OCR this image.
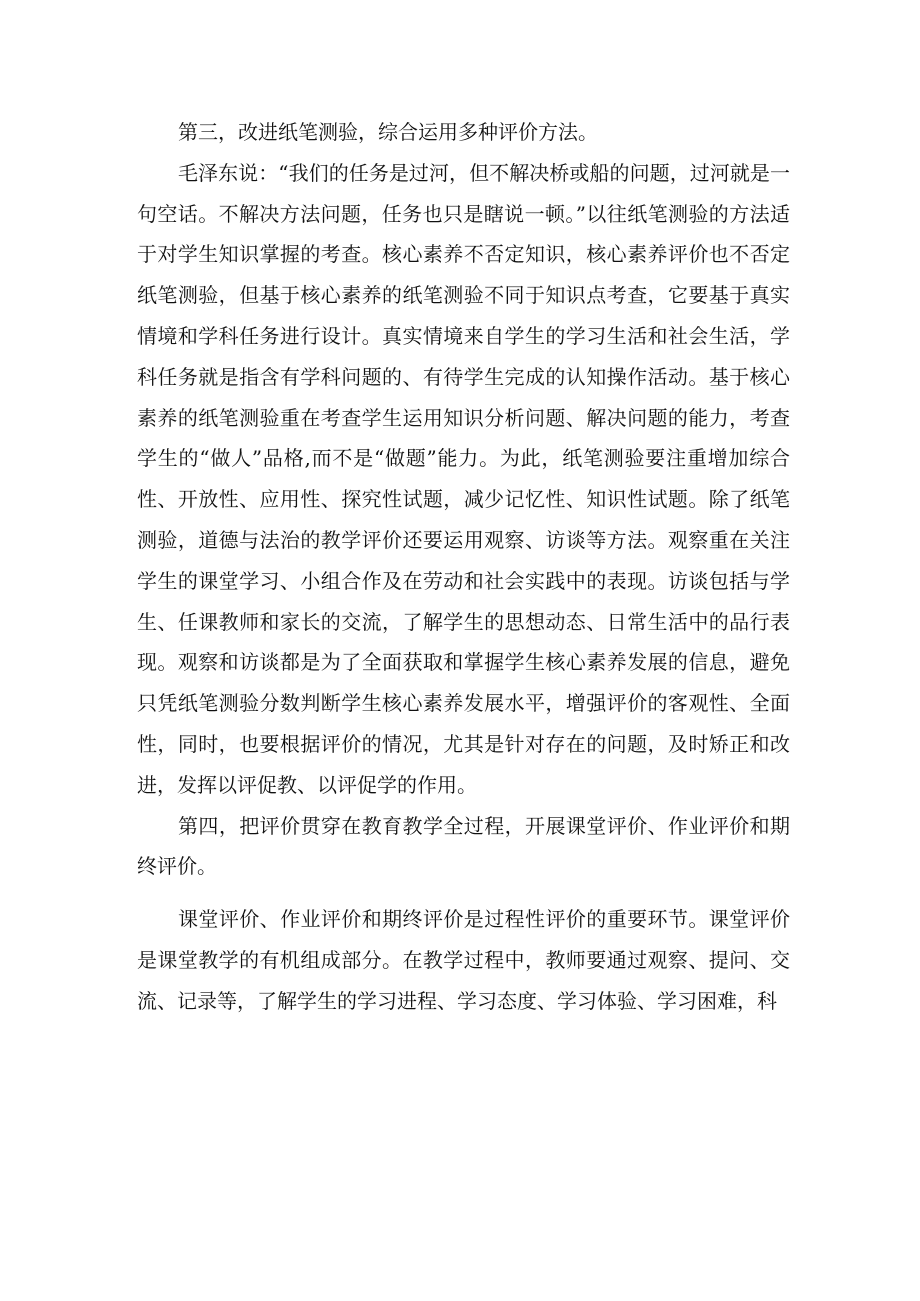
第三，改进纸笔测验，综合运用多种评价方法。

毛泽东说：“我们的任务是过河，但不解决桥或船的问题，过河就是一句空话。不解决方法问题，任务也只是瞎说一顿。”以往纸笔测验的方法适于对学生知识掌握的考查。核心素养不否定知识，核心素养评价也不否定纸笔测验，但基于核心素养的纸笔测验不同于知识点考查，它要基于真实情境和学科任务进行设计。真实情境来自学生的学习生活和社会生活，学科任务就是指含有学科问题的、有待学生完成的认知操作活动。基于核心素养的纸笔测验重在考查学生运用知识分析问题、解决问题的能力，考查学生的“做人”品格,而不是“做题”能力。为此，纸笔测验要注重增加综合性、开放性、应用性、探究性试题，减少记忆性、知识性试题。除了纸笔测验，道德与法治的教学评价还要运用观察、访谈等方法。观察重在关注学生的课堂学习、小组合作及在劳动和社会实践中的表现。访谈包括与学生、任课教师和家长的交流，了解学生的思想动态、日常生活中的品行表现。观察和访谈都是为了全面获取和掌握学生核心素养发展的信息，避免只凭纸笔测验分数判断学生核心素养发展水平，增强评价的客观性、全面性，同时，也要根据评价的情况，尤其是针对存在的问题，及时矫正和改进，发挥以评促教、以评促学的作用。

第四，把评价贯穿在教育教学全过程，开展课堂评价、作业评价和期终评价。

课堂评价、作业评价和期终评价是过程性评价的重要环节。课堂评价是课堂教学的有机组成部分。在教学过程中，教师要通过观察、提问、交流、记录等，了解学生的学习进程、学习态度、学习体验、学习困难，科
